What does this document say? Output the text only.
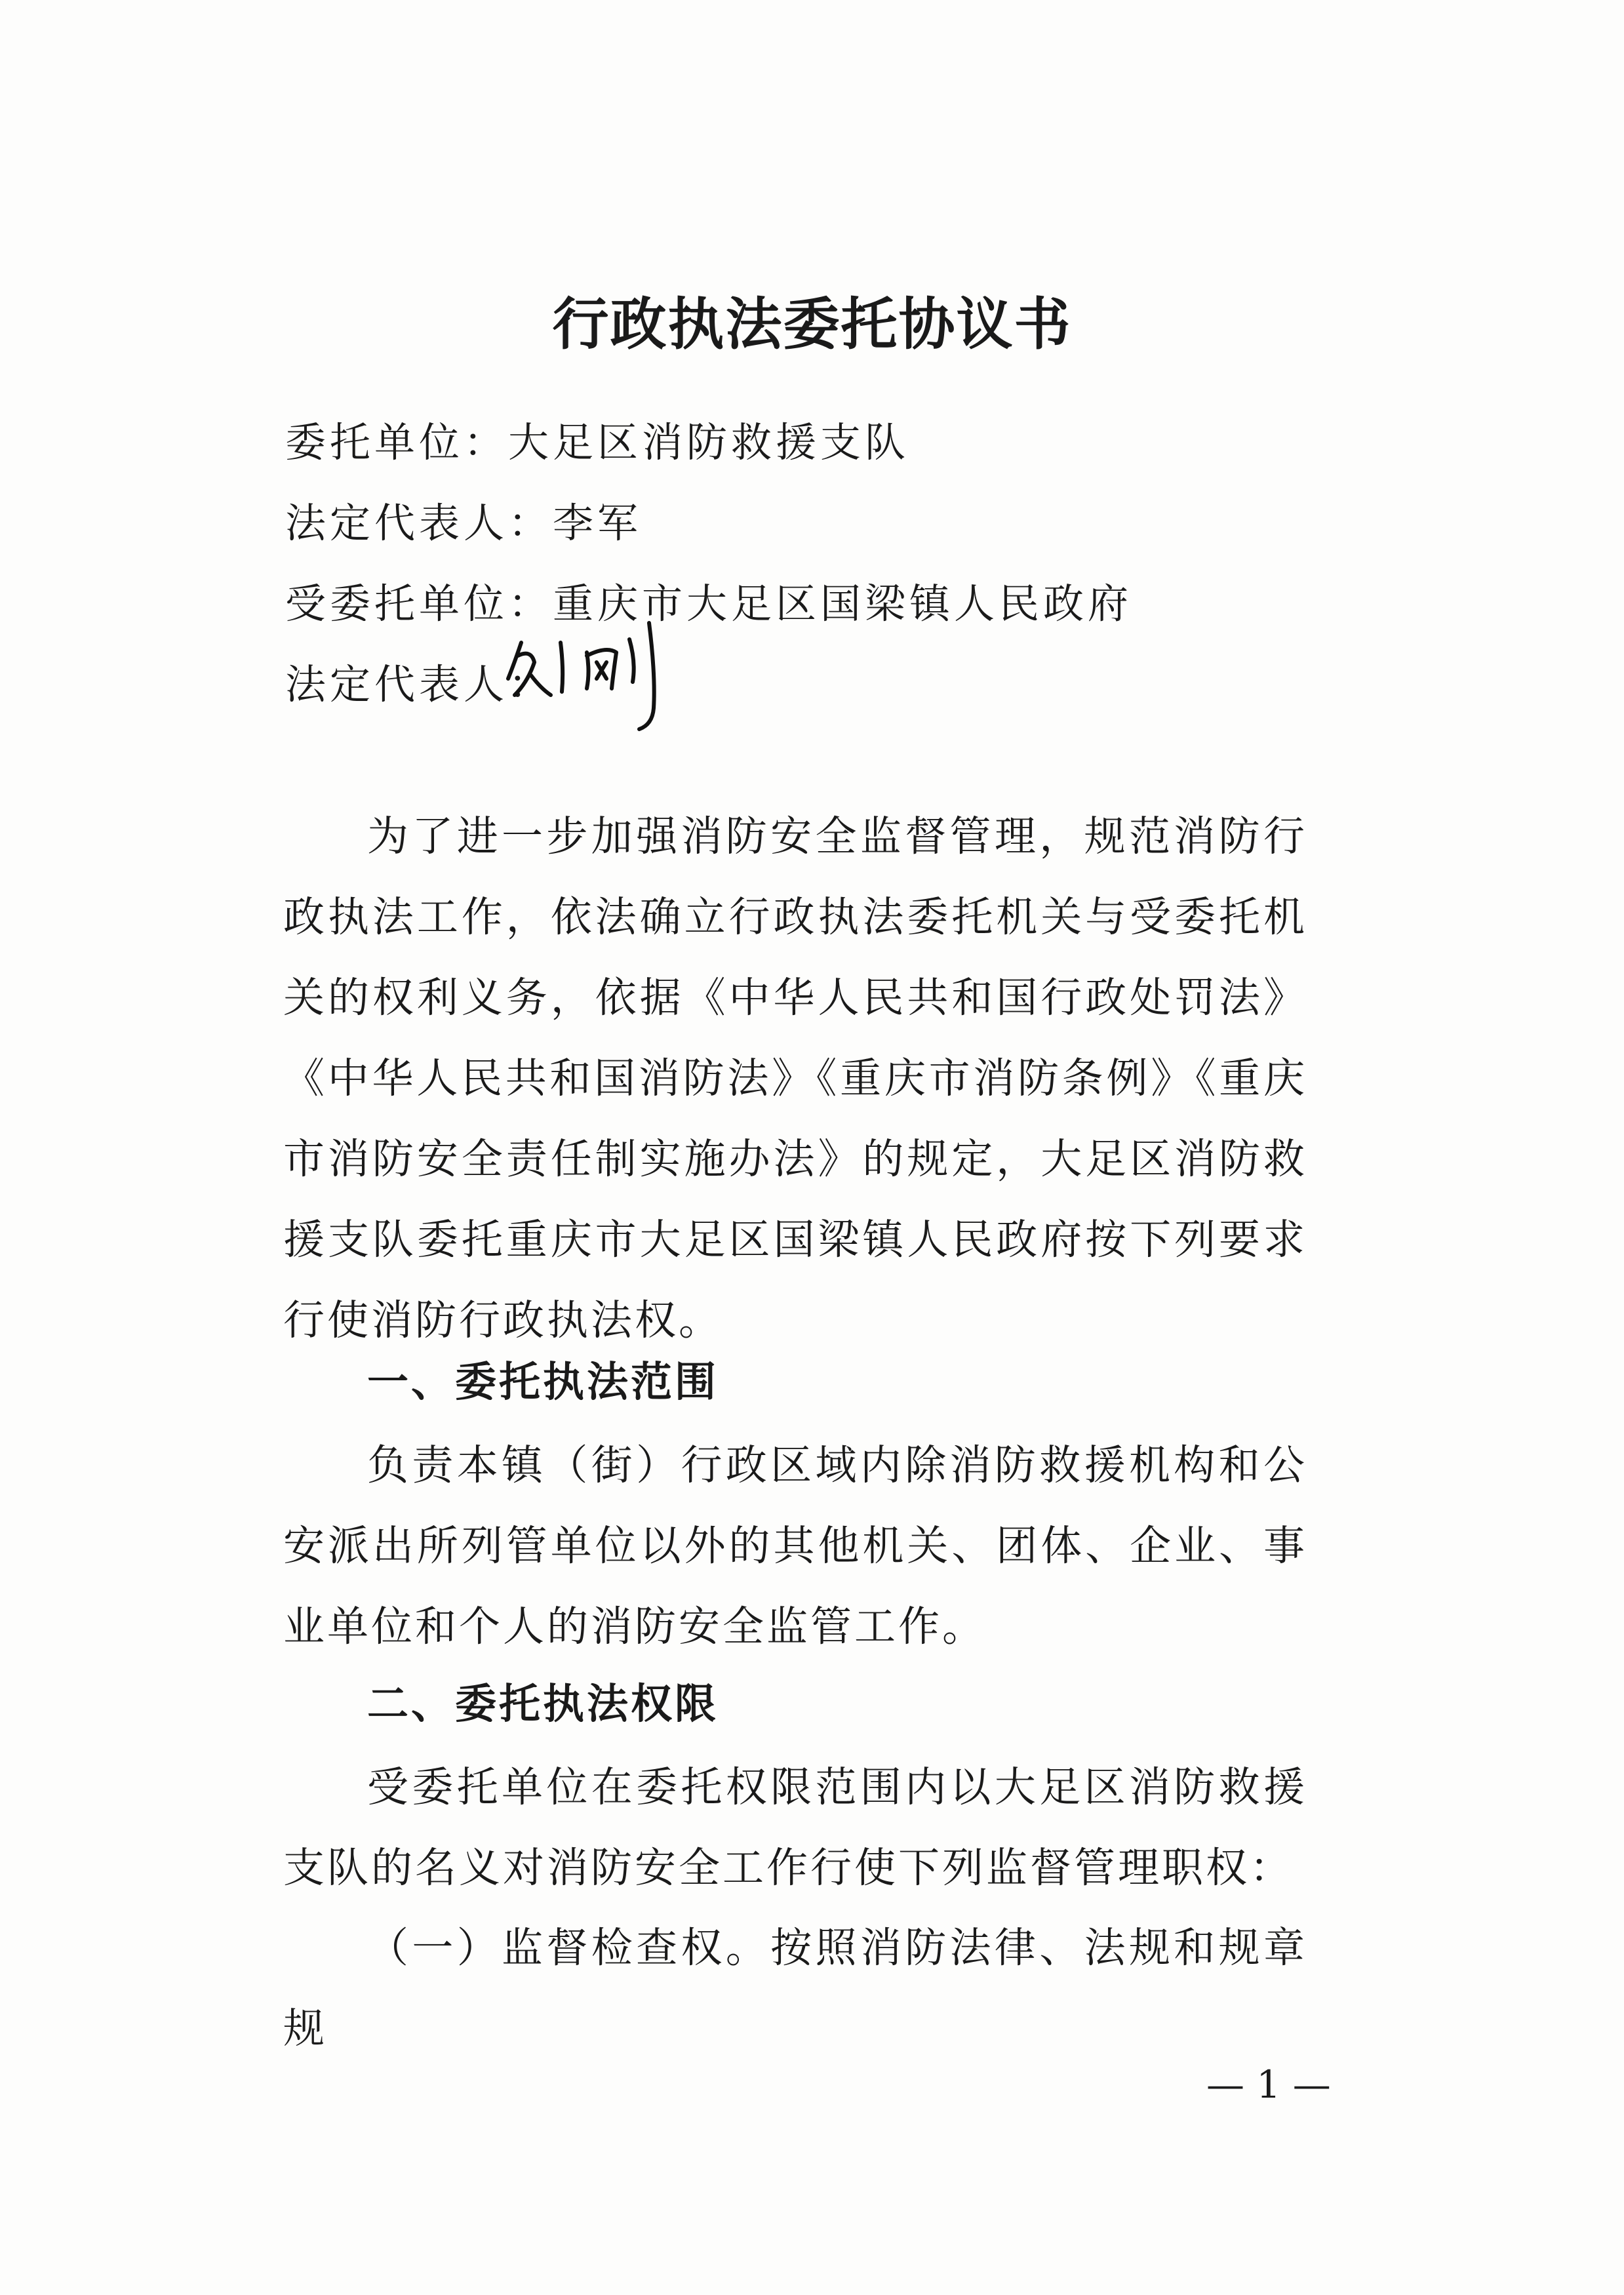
行政执法委托协议书
委托单位：大足区消防救援支队
法定代表人：李军
受委托单位：重庆市大足区国梁镇人民政府
法定代表人：
为了进一步加强消防安全监督管理，规范消防行政执法工作，依法确立行政执法委托机关与受委托机关的权利义务，依据《中华人民共和国行政处罚法》《中华人民共和国消防法》《重庆市消防条例》《重庆市消防安全责任制实施办法》的规定，大足区消防救援支队委托重庆市大足区国梁镇人民政府按下列要求行使消防行政执法权。
一、委托执法范围
负责本镇（街）行政区域内除消防救援机构和公安派出所列管单位以外的其他机关、团体、企业、事业单位和个人的消防安全监管工作。
二、委托执法权限
受委托单位在委托权限范围内以大足区消防救援支队的名义对消防安全工作行使下列监督管理职权：
（一）监督检查权。按照消防法律、法规和规章规
— 1 —
